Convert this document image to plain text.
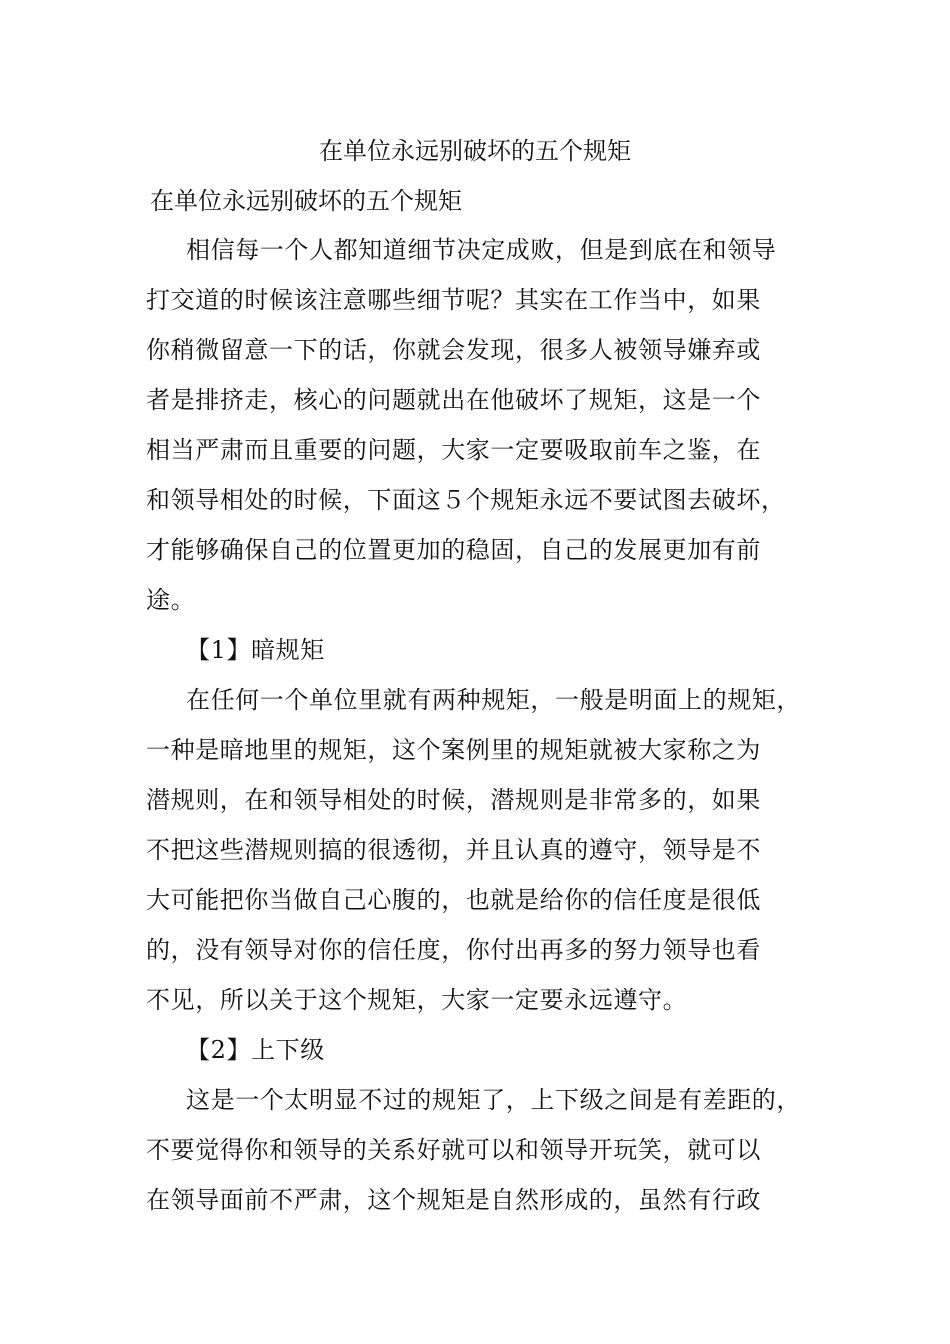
在单位永远别破坏的五个规矩
在单位永远别破坏的五个规矩
相信每一个人都知道细节决定成败，但是到底在和领导
打交道的时候该注意哪些细节呢？其实在工作当中，如果
你稍微留意一下的话，你就会发现，很多人被领导嫌弃或
者是排挤走，核心的问题就出在他破坏了规矩，这是一个
相当严肃而且重要的问题，大家一定要吸取前车之鉴，在
和领导相处的时候，下面这５个规矩永远不要试图去破坏，
才能够确保自己的位置更加的稳固，自己的发展更加有前
途。
【1】暗规矩
在任何一个单位里就有两种规矩，一般是明面上的规矩，
一种是暗地里的规矩，这个案例里的规矩就被大家称之为
潜规则，在和领导相处的时候，潜规则是非常多的，如果
不把这些潜规则搞的很透彻，并且认真的遵守，领导是不
大可能把你当做自己心腹的，也就是给你的信任度是很低
的，没有领导对你的信任度，你付出再多的努力领导也看
不见，所以关于这个规矩，大家一定要永远遵守。
【2】上下级
这是一个太明显不过的规矩了，上下级之间是有差距的，
不要觉得你和领导的关系好就可以和领导开玩笑，就可以
在领导面前不严肃，这个规矩是自然形成的，虽然有行政
